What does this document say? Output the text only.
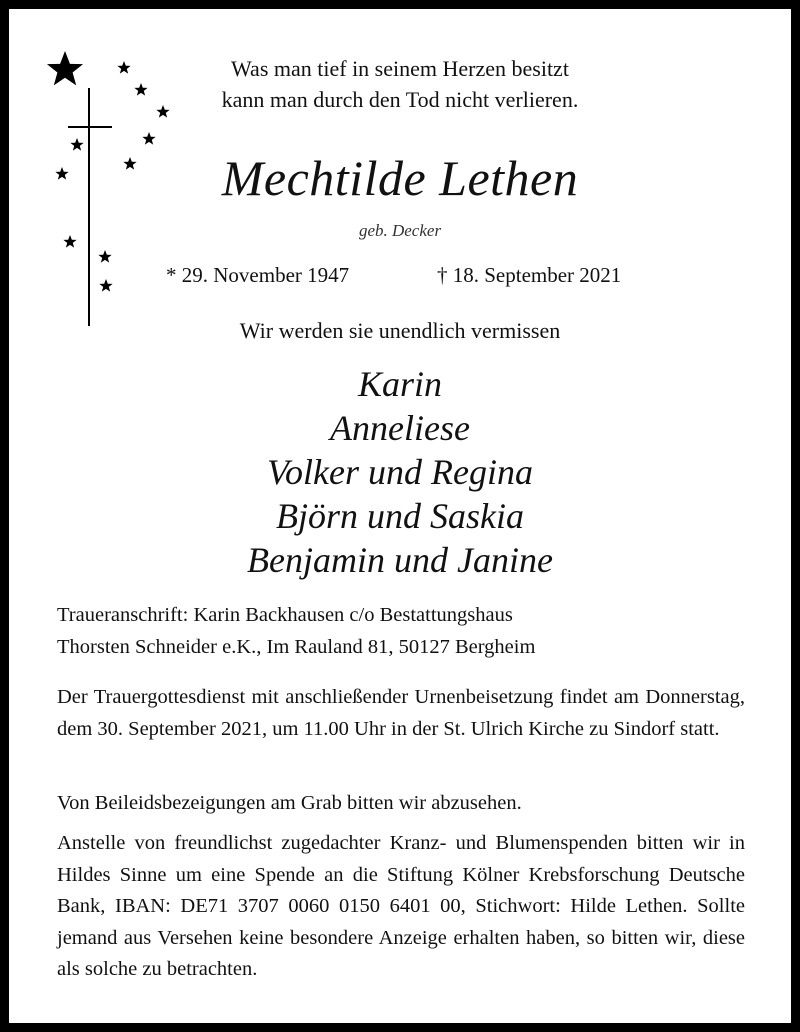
Was man tief in seinem Herzen besitzt
kann man durch den Tod nicht verlieren.
Mechtilde Lethen
geb. Decker
* 29. November 1947	† 18. September 2021
Wir werden sie unendlich vermissen
Karin
Anneliese
Volker und Regina
Björn und Saskia
Benjamin und Janine
Traueranschrift: Karin Backhausen c/o Bestattungshaus
Thorsten Schneider e.K., Im Rauland 81, 50127 Bergheim
Der Trauergottesdienst mit anschließender Urnenbeisetzung findet am Donnerstag, dem 30. September 2021, um 11.00 Uhr in der St. Ulrich Kirche zu Sindorf statt.
Von Beileidsbezeigungen am Grab bitten wir abzusehen.
Anstelle von freundlichst zugedachter Kranz- und Blumenspenden bitten wir in Hildes Sinne um eine Spende an die Stiftung Kölner Krebsforschung Deutsche Bank, IBAN: DE71 3707 0060 0150 6401 00, Stichwort: Hilde Lethen. Sollte jemand aus Versehen keine besondere Anzeige erhalten haben, so bitten wir, diese als solche zu betrachten.
